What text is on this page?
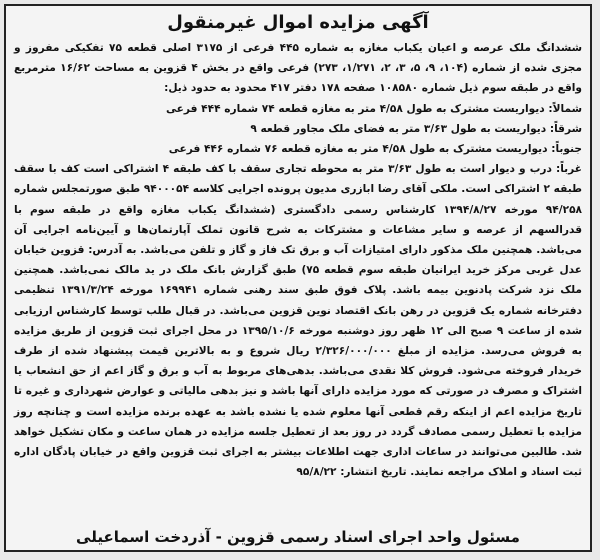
آگهی مزایده اموال غیرمنقول

ششدانگ ملک عرصه و اعیان یکباب مغازه به شماره ۴۴۵ فرعی از ۳۱۷۵ اصلی قطعه ۷۵ تفکیکی مفروز و مجزی شده از شماره (۱۰۴، ۹، ۵، ۳، ۲، ۱/۲۷۱، ۲۷۳) فرعی واقع در بخش ۴ قزوین به مساحت ۱۶/۶۲ مترمربع واقع در طبقه سوم ذیل شماره ۱۰۸۵۸۰ صفحه ۱۷۸ دفتر ۴۱۷ محدود به حدود ذیل:

شمالاً: دیواریست مشترک به طول ۴/۵۸ متر به مغازه قطعه ۷۴ شماره ۴۴۴ فرعی

شرقاً: دیواریست به طول ۳/۶۳ متر به فضای ملک مجاور قطعه ۹

جنوباً: دیواریست مشترک به طول ۴/۵۸ متر به مغازه قطعه ۷۶ شماره ۴۴۶ فرعی

غرباً: درب و دیوار است به طول ۳/۶۳ متر به محوطه تجاری سقف با کف طبقه ۴ اشتراکی است کف با سقف طبقه ۲ اشتراکی است. ملکی آقای رضا ابازری مدیون پرونده اجرایی کلاسه ۹۴۰۰۰۵۴ طبق صورتمجلس شماره ۹۴/۲۵۸ مورخه ۱۳۹۴/۸/۲۷ کارشناس رسمی دادگستری (ششدانگ یکباب مغازه واقع در طبقه سوم با قدرالسهم از عرصه و سایر مشاعات و مشترکات به شرح قانون تملک آپارتمان‌ها و آیین‌نامه اجرایی آن می‌باشد. همچنین ملک مذکور دارای امتیازات آب و برق تک فاز و گاز و تلفن می‌باشد. به آدرس: قزوین خیابان عدل غربی مرکز خرید ایرانیان طبقه سوم قطعه ۷۵) طبق گزارش بانک ملک در ید مالک نمی‌باشد. همچنین ملک نزد شرکت پادنوین بیمه باشد. پلاک فوق طبق سند رهنی شماره ۱۶۹۹۴۱ مورخه ۱۳۹۱/۳/۲۴ تنظیمی دفترخانه شماره یک قزوین در رهن بانک اقتصاد نوین قزوین می‌باشد. در قبال طلب توسط کارشناس ارزیابی شده از ساعت ۹ صبح الی ۱۲ ظهر روز دوشنبه مورخه ۱۳۹۵/۱۰/۶ در محل اجرای ثبت قزوین از طریق مزایده به فروش می‌رسد. مزایده از مبلغ ۲/۳۲۶/۰۰۰/۰۰۰ ریال شروع و به بالاترین قیمت پیشنهاد شده از طرف خریدار فروخته می‌شود. فروش کلا نقدی می‌باشد. بدهی‌های مربوط به آب و برق و گاز اعم از حق انشعاب یا اشتراک و مصرف در صورتی که مورد مزایده دارای آنها باشد و نیز بدهی مالیاتی و عوارض شهرداری و غیره تا تاریخ مزایده اعم از اینکه رقم قطعی آنها معلوم شده یا نشده باشد به عهده برنده مزایده است و چنانچه روز مزایده با تعطیل رسمی مصادف گردد در روز بعد از تعطیل جلسه مزایده در همان ساعت و مکان تشکیل خواهد شد. طالبین می‌توانند در ساعات اداری جهت اطلاعات بیشتر به اجرای ثبت قزوین واقع در خیابان پادگان اداره ثبت اسناد و املاک مراجعه نمایند. تاریخ انتشار: ۹۵/۸/۲۲

مسئول واحد اجرای اسناد رسمی قزوین - آذردخت اسماعیلی
